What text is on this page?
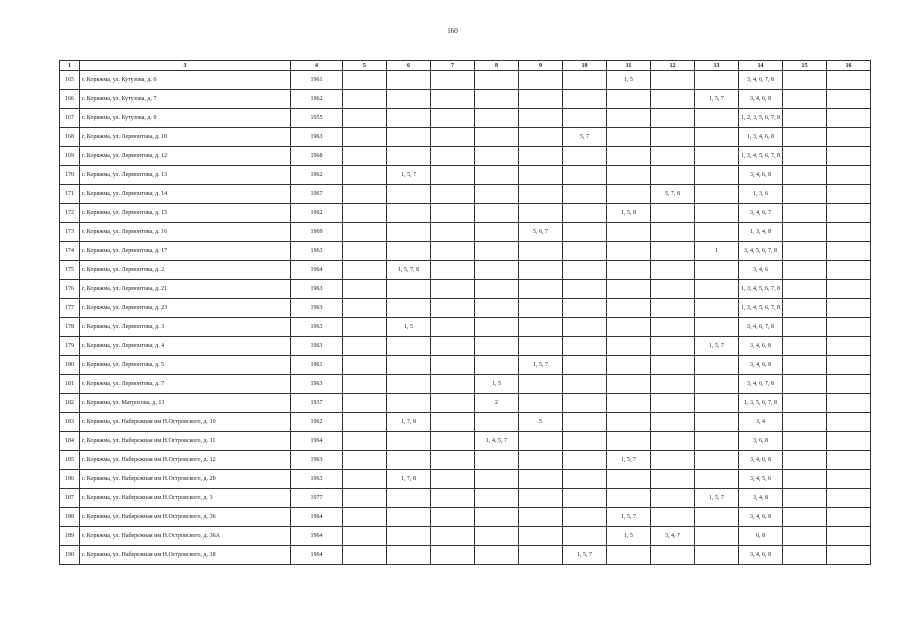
160
1	3	4	5	6	7	8	9	10	11	12	13	14	15	16
165	г. Коряжма, ул. Кутузова, д. 6	1961							1, 5			3, 4, 6, 7, 8		
166	г. Коряжма, ул. Кутузова, д. 7	1962									1, 5, 7	3, 4, 6, 8		
167	г. Коряжма, ул. Кутузова, д. 9	1955										1, 2, 3, 5, 6, 7, 8		
168	г. Коряжма, ул. Лермонтова, д. 10	1963						5, 7				1, 3, 4, 6, 8		
169	г. Коряжма, ул. Лермонтова, д. 12	1968										1, 3, 4, 5, 6, 7, 8		
170	г. Коряжма, ул. Лермонтова, д. 13	1962		1, 5, 7								3, 4, 6, 8		
171	г. Коряжма, ул. Лермонтова, д. 14	1967								5, 7, 8		1, 3, 6		
172	г. Коряжма, ул. Лермонтова, д. 15	1962							1, 5, 8			3, 4, 6, 7		
173	г. Коряжма, ул. Лермонтова, д. 16	1969					5, 6, 7					1, 3, 4, 8		
174	г. Коряжма, ул. Лермонтова, д. 17	1963									1	3, 4, 5, 6, 7, 8		
175	г. Коряжма, ул. Лермонтова, д. 2	1964		1, 5, 7, 8								3, 4, 6		
176	г. Коряжма, ул. Лермонтова, д. 21	1963										1, 3, 4, 5, 6, 7, 8		
177	г. Коряжма, ул. Лермонтова, д. 23	1963										1, 3, 4, 5, 6, 7, 8		
178	г. Коряжма, ул. Лермонтова, д. 3	1963		1, 5								3, 4, 6, 7, 8		
179	г. Коряжма, ул. Лермонтова, д. 4	1963									1, 5, 7	3, 4, 6, 8		
180	г. Коряжма, ул. Лермонтова, д. 5	1961					1, 5, 7					3, 4, 6, 8		
181	г. Коряжма, ул. Лермонтова, д. 7	1963				1, 5						3, 4, 6, 7, 8		
182	г. Коряжма, ул. Матросова, д. 13	1937				2						1, 3, 5, 6, 7, 8		
183	г. Коряжма, ул. Набережная им Н.Островского, д. 10	1962		1, 7, 8			5					3, 4		
184	г. Коряжма, ул. Набережная им Н.Островского, д. 11	1964				1, 4, 5, 7						3, 6, 8		
185	г. Коряжма, ул. Набережная им Н.Островского, д. 12	1963							1, 5, 7			3, 4, 6, 8		
186	г. Коряжма, ул. Набережная им Н.Островского, д. 20	1963		1, 7, 8								3, 4, 5, 6		
187	г. Коряжма, ул. Набережная им Н.Островского, д. 3	1977									1, 5, 7	3, 4, 8		
188	г. Коряжма, ул. Набережная им Н.Островского, д. 36	1964							1, 5, 7			3, 4, 6, 8		
189	г. Коряжма, ул. Набережная им Н.Островского, д. 36А	1964							1, 5	3, 4, 7		6, 8		
190	г. Коряжма, ул. Набережная им Н.Островского, д. 38	1964						1, 5, 7				3, 4, 6, 8		
